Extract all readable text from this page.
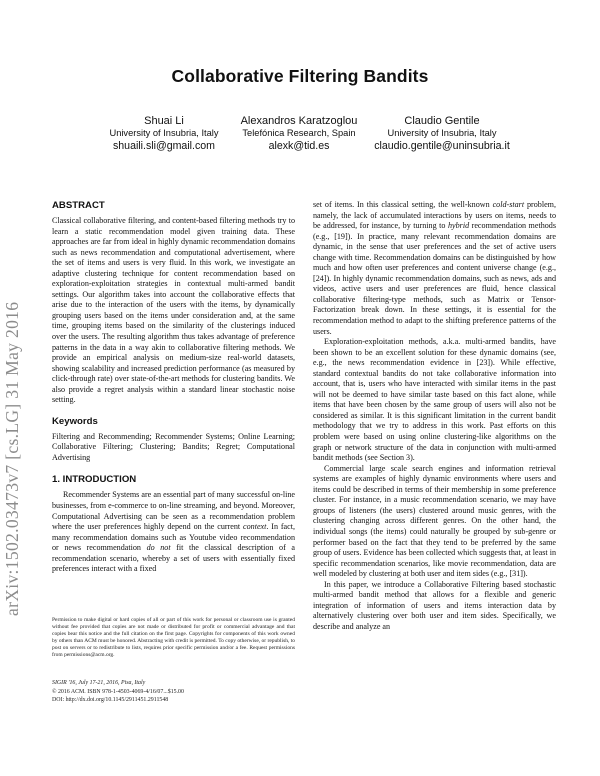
arXiv:1502.03473v7 [cs.LG] 31 May 2016
Collaborative Filtering Bandits
Shuai Li
University of Insubria, Italy
shuaili.sli@gmail.com
Alexandros Karatzoglou
Telefónica Research, Spain
alexk@tid.es
Claudio Gentile
University of Insubria, Italy
claudio.gentile@uninsubria.it
ABSTRACT

Classical collaborative filtering, and content-based filtering methods try to learn a static recommendation model given training data. These approaches are far from ideal in highly dynamic recommendation domains such as news recommendation and computational advertisement, where the set of items and users is very fluid. In this work, we investigate an adaptive clustering technique for content recommendation based on exploration-exploitation strategies in contextual multi-armed bandit settings. Our algorithm takes into account the collaborative effects that arise due to the interaction of the users with the items, by dynamically grouping users based on the items under consideration and, at the same time, grouping items based on the similarity of the clusterings induced over the users. The resulting algorithm thus takes advantage of preference patterns in the data in a way akin to collaborative filtering methods. We provide an empirical analysis on medium-size real-world datasets, showing scalability and increased prediction performance (as measured by click-through rate) over state-of-the-art methods for clustering bandits. We also provide a regret analysis within a standard linear stochastic noise setting.

Keywords

Filtering and Recommending; Recommender Systems; Online Learning; Collaborative Filtering; Clustering; Bandits; Regret; Computational Advertising

1. INTRODUCTION

Recommender Systems are an essential part of many successful on-line businesses, from e-commerce to on-line streaming, and beyond. Moreover, Computational Advertising can be seen as a recommendation problem where the user preferences highly depend on the current context. In fact, many recommendation domains such as Youtube video recommendation or news recommendation do not fit the classical description of a recommendation scenario, whereby a set of users with essentially fixed preferences interact with a fixed

set of items. In this classical setting, the well-known cold-start problem, namely, the lack of accumulated interactions by users on items, needs to be addressed, for instance, by turning to hybrid recommendation methods (e.g., [19]). In practice, many relevant recommendation domains are dynamic, in the sense that user preferences and the set of active users change with time. Recommendation domains can be distinguished by how much and how often user preferences and content universe change (e.g., [24]). In highly dynamic recommendation domains, such as news, ads and videos, active users and user preferences are fluid, hence classical collaborative filtering-type methods, such as Matrix or Tensor-Factorization break down. In these settings, it is essential for the recommendation method to adapt to the shifting preference patterns of the users.

Exploration-exploitation methods, a.k.a. multi-armed bandits, have been shown to be an excellent solution for these dynamic domains (see, e.g., the news recommendation evidence in [23]). While effective, standard contextual bandits do not take collaborative information into account, that is, users who have interacted with similar items in the past will not be deemed to have similar taste based on this fact alone, while items that have been chosen by the same group of users will also not be considered as similar. It is this significant limitation in the current bandit methodology that we try to address in this work. Past efforts on this problem were based on using online clustering-like algorithms on the graph or network structure of the data in conjunction with multi-armed bandit methods (see Section 3).

Commercial large scale search engines and information retrieval systems are examples of highly dynamic environments where users and items could be described in terms of their membership in some preference cluster. For instance, in a music recommendation scenario, we may have groups of listeners (the users) clustered around music genres, with the clustering changing across different genres. On the other hand, the individual songs (the items) could naturally be grouped by sub-genre or performer based on the fact that they tend to be preferred by the same group of users. Evidence has been collected which suggests that, at least in specific recommendation scenarios, like movie recommendation, data are well modeled by clustering at both user and item sides (e.g., [31]).

In this paper, we introduce a Collaborative Filtering based stochastic multi-armed bandit method that allows for a flexible and generic integration of information of users and items interaction data by alternatively clustering over both user and item sides. Specifically, we describe and analyze an

Permission to make digital or hard copies of all or part of this work for personal or classroom use is granted without fee provided that copies are not made or distributed for profit or commercial advantage and that copies bear this notice and the full citation on the first page. Copyrights for components of this work owned by others than ACM must be honored. Abstracting with credit is permitted. To copy otherwise, or republish, to post on servers or to redistribute to lists, requires prior specific permission and/or a fee. Request permissions from permissions@acm.org.
SIGIR '16, July 17-21, 2016, Pisa, Italy
© 2016 ACM. ISBN 978-1-4503-4069-4/16/07...$15.00
DOI: http://dx.doi.org/10.1145/2911451.2911548
